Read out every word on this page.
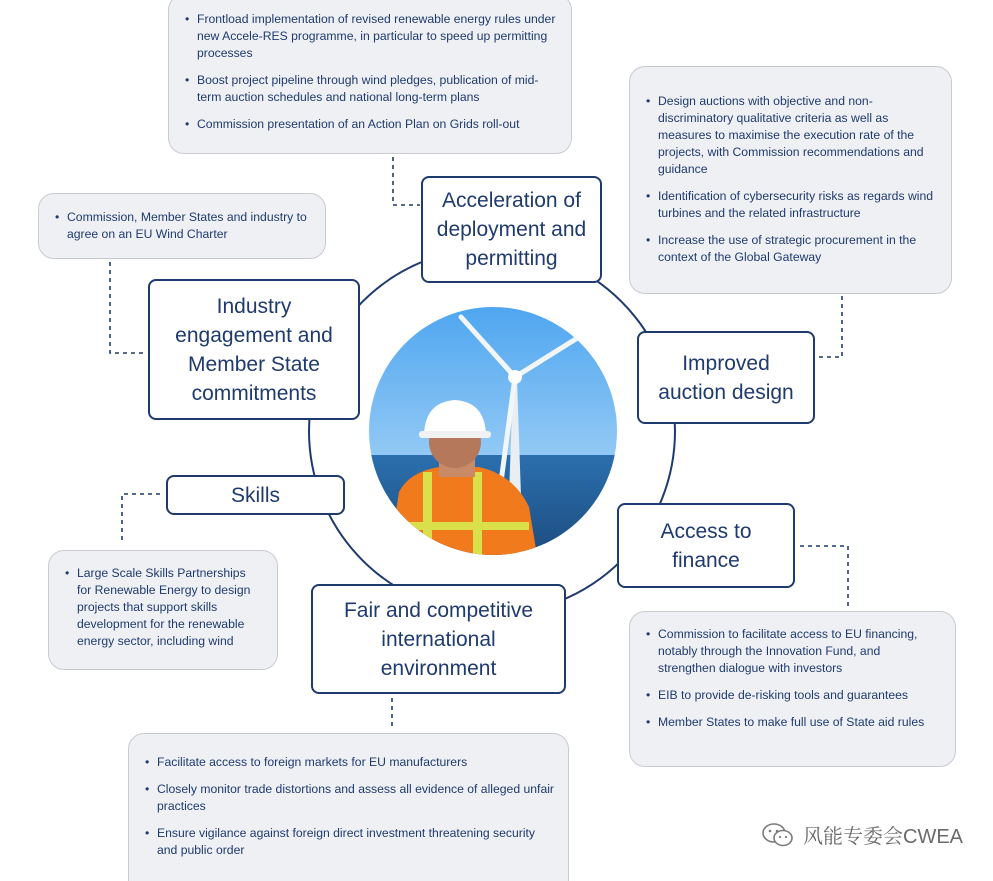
• Frontload implementation of revised renewable energy rules under new Accele-RES programme, in particular to speed up permitting processes
• Boost project pipeline through wind pledges, publication of mid-term auction schedules and national long-term plans
• Commission presentation of an Action Plan on Grids roll-out
• Commission, Member States and industry to agree on an EU Wind Charter
• Design auctions with objective and non-discriminatory qualitative criteria as well as measures to maximise the execution rate of the projects, with Commission recommendations and guidance
• Identification of cybersecurity risks as regards wind turbines and the related infrastructure
• Increase the use of strategic procurement in the context of the Global Gateway
• Large Scale Skills Partnerships for Renewable Energy to design projects that support skills development for the renewable energy sector, including wind
•	Commission to facilitate access to EU financing, notably through the Innovation Fund, and strengthen dialogue with investors
• EIB to provide de-risking tools and guarantees
• Member States to make full use of State aid rules
• Facilitate access to foreign markets for EU manufacturers
• Closely monitor trade distortions and assess all evidence of alleged unfair practices
• Ensure vigilance against foreign direct investment threatening security and public order
Acceleration of deployment and permitting
Industry engagement and Member State commitments
Improved auction design
Skills
Access to finance
Fair and competitive international environment
风能专委会CWEA
